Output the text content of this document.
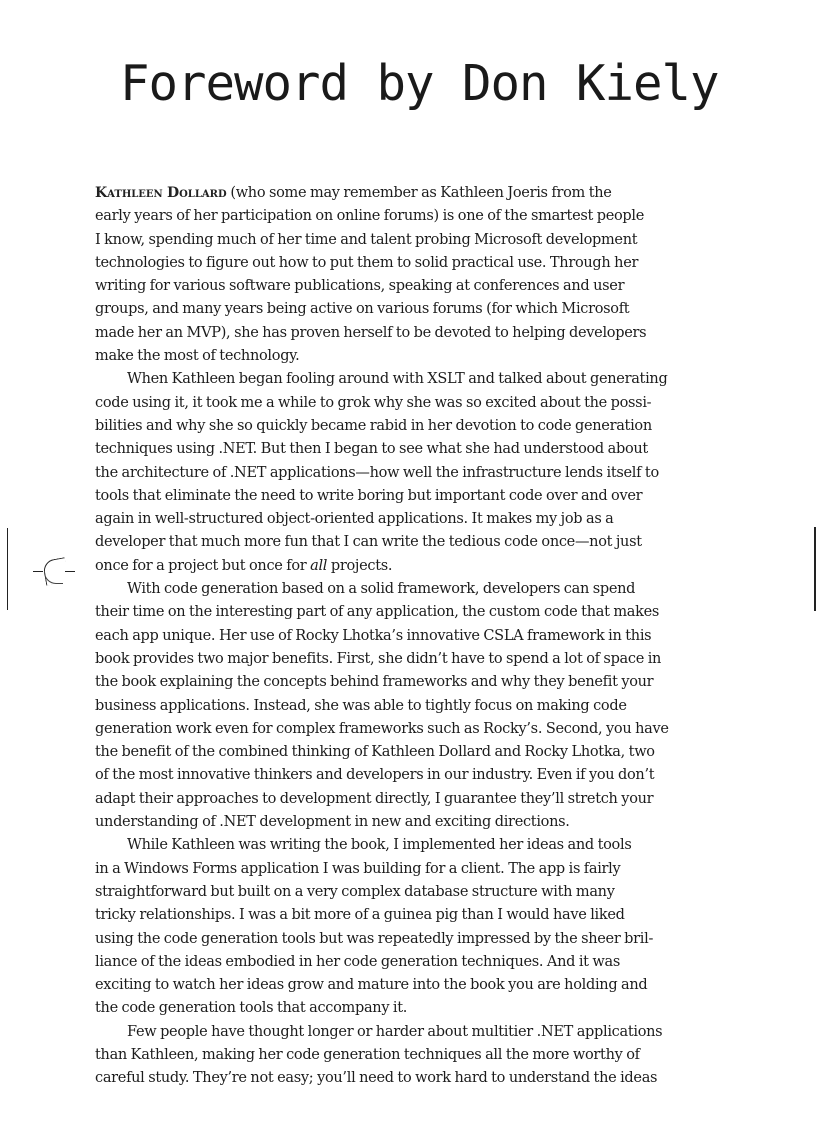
Foreword by Don Kiely
Kathleen Dollard (who some may remember as Kathleen Joeris from the
early years of her participation on online forums) is one of the smartest people
I know, spending much of her time and talent probing Microsoft development
technologies to figure out how to put them to solid practical use. Through her
writing for various software publications, speaking at conferences and user
groups, and many years being active on various forums (for which Microsoft
made her an MVP), she has proven herself to be devoted to helping developers
make the most of technology.
When Kathleen began fooling around with XSLT and talked about generating
code using it, it took me a while to grok why she was so excited about the possi-
bilities and why she so quickly became rabid in her devotion to code generation
techniques using .NET. But then I began to see what she had understood about
the architecture of .NET applications—how well the infrastructure lends itself to
tools that eliminate the need to write boring but important code over and over
again in well-structured object-oriented applications. It makes my job as a
developer that much more fun that I can write the tedious code once—not just
once for a project but once for all projects.
With code generation based on a solid framework, developers can spend
their time on the interesting part of any application, the custom code that makes
each app unique. Her use of Rocky Lhotka’s innovative CSLA framework in this
book provides two major benefits. First, she didn’t have to spend a lot of space in
the book explaining the concepts behind frameworks and why they benefit your
business applications. Instead, she was able to tightly focus on making code
generation work even for complex frameworks such as Rocky’s. Second, you have
the benefit of the combined thinking of Kathleen Dollard and Rocky Lhotka, two
of the most innovative thinkers and developers in our industry. Even if you don’t
adapt their approaches to development directly, I guarantee they’ll stretch your
understanding of .NET development in new and exciting directions.
While Kathleen was writing the book, I implemented her ideas and tools
in a Windows Forms application I was building for a client. The app is fairly
straightforward but built on a very complex database structure with many
tricky relationships. I was a bit more of a guinea pig than I would have liked
using the code generation tools but was repeatedly impressed by the sheer bril-
liance of the ideas embodied in her code generation techniques. And it was
exciting to watch her ideas grow and mature into the book you are holding and
the code generation tools that accompany it.
Few people have thought longer or harder about multitier .NET applications
than Kathleen, making her code generation techniques all the more worthy of
careful study. They’re not easy; you’ll need to work hard to understand the ideas
